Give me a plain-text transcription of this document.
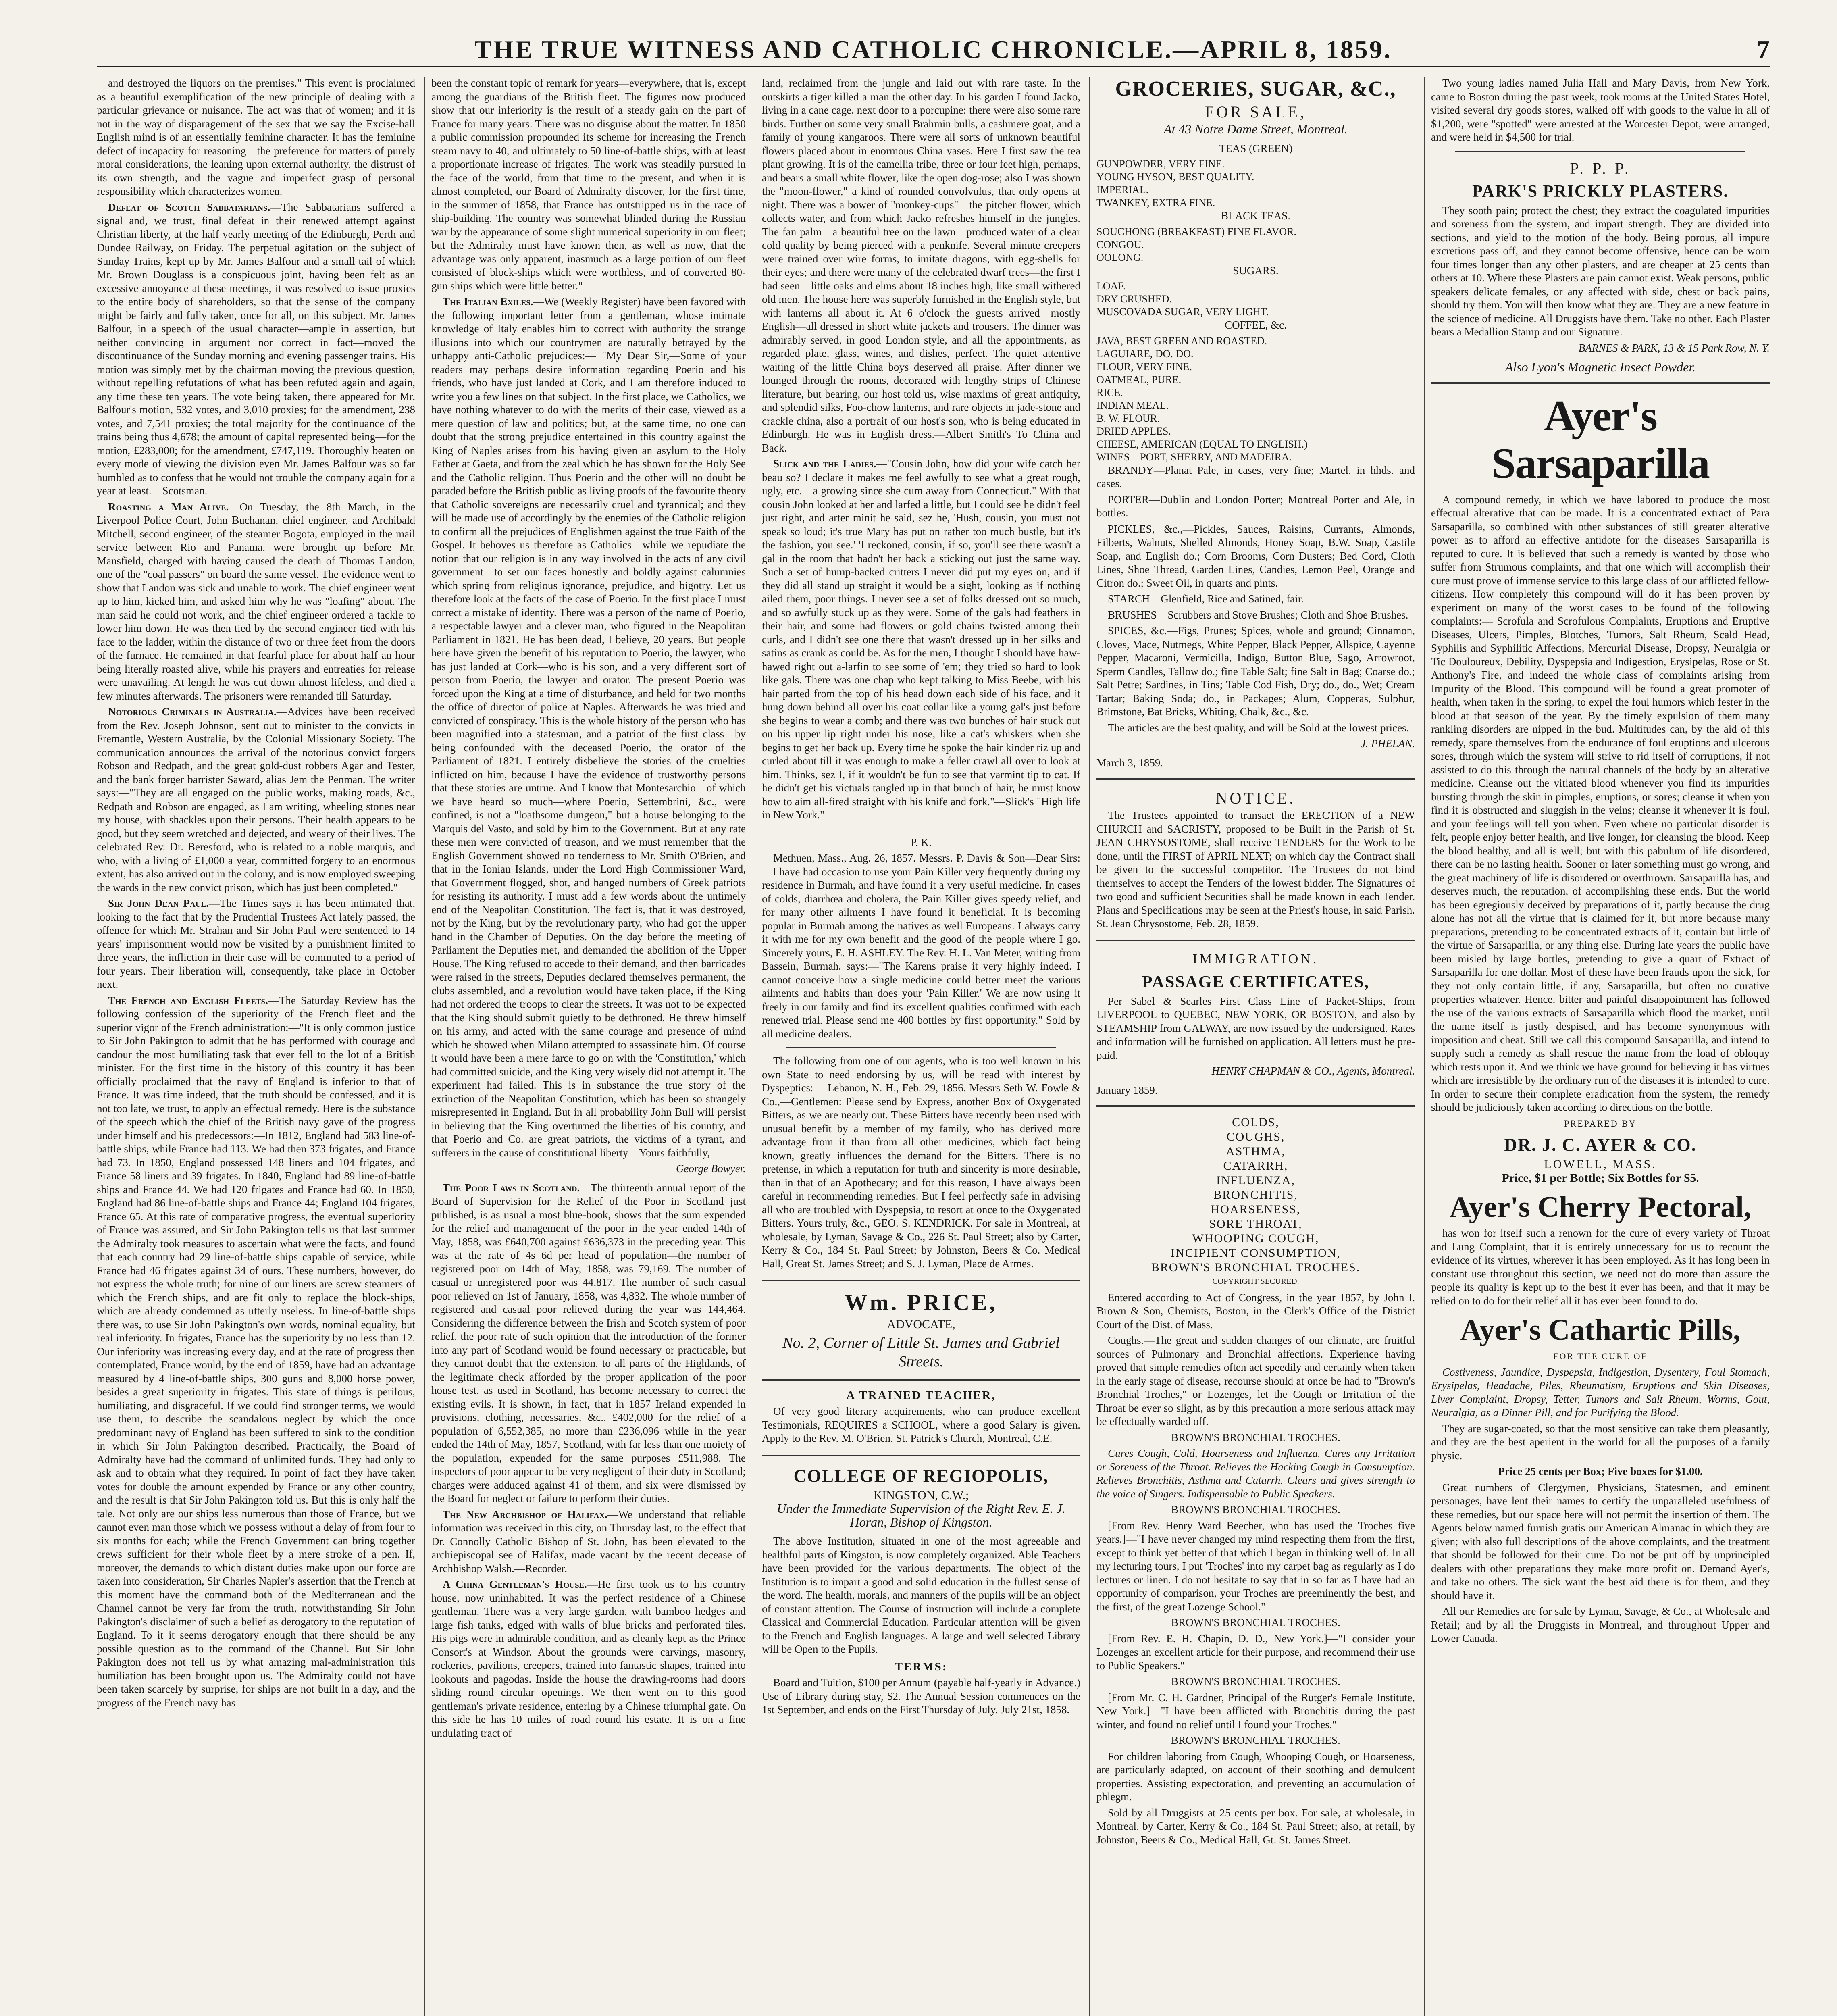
THE TRUE WITNESS AND CATHOLIC CHRONICLE.—APRIL 8, 1859.	7

and destroyed the liquors on the premises." This event is proclaimed as a beautiful exemplification of the new principle of dealing with a particular grievance or nuisance. The act was that of women; and it is not in the way of disparagement of the sex that we say the Excise-hall English mind is of an essentially feminine character. It has the feminine defect of incapacity for reasoning—the preference for matters of purely moral considerations, the leaning upon external authority, the distrust of its own strength, and the vague and imperfect grasp of personal responsibility which characterizes women.

Defeat of Scotch Sabbatarians.—The Sabbatarians suffered a signal and, we trust, final defeat in their renewed attempt against Christian liberty, at the half yearly meeting of the Edinburgh, Perth and Dundee Railway, on Friday. The perpetual agitation on the subject of Sunday Trains, kept up by Mr. James Balfour and a small tail of which Mr. Brown Douglass is a conspicuous joint, having been felt as an excessive annoyance at these meetings, it was resolved to issue proxies to the entire body of shareholders, so that the sense of the company might be fairly and fully taken, once for all, on this subject. Mr. James Balfour, in a speech of the usual character—ample in assertion, but neither convincing in argument nor correct in fact—moved the discontinuance of the Sunday morning and evening passenger trains. His motion was simply met by the chairman moving the previous question, without repelling refutations of what has been refuted again and again, any time these ten years. The vote being taken, there appeared for Mr. Balfour's motion, 532 votes, and 3,010 proxies; for the amendment, 238 votes, and 7,541 proxies; the total majority for the continuance of the trains being thus 4,678; the amount of capital represented being—for the motion, £283,000; for the amendment, £747,119. Thoroughly beaten on every mode of viewing the division even Mr. James Balfour was so far humbled as to confess that he would not trouble the company again for a year at least.—Scotsman.

Roasting a Man Alive.—On Tuesday, the 8th March, in the Liverpool Police Court, John Buchanan, chief engineer, and Archibald Mitchell, second engineer, of the steamer Bogota, employed in the mail service between Rio and Panama, were brought up before Mr. Mansfield, charged with having caused the death of Thomas Landon, one of the "coal passers" on board the same vessel. The evidence went to show that Landon was sick and unable to work. The chief engineer went up to him, kicked him, and asked him why he was "loafing" about. The man said he could not work, and the chief engineer ordered a tackle to lower him down. He was then tied by the second engineer tied with his face to the ladder, within the distance of two or three feet from the doors of the furnace. He remained in that fearful place for about half an hour being literally roasted alive, while his prayers and entreaties for release were unavailing. At length he was cut down almost lifeless, and died a few minutes afterwards. The prisoners were remanded till Saturday.

Notorious Criminals in Australia.—Advices have been received from the Rev. Joseph Johnson, sent out to minister to the convicts in Fremantle, Western Australia, by the Colonial Missionary Society. The communication announces the arrival of the notorious convict forgers Robson and Redpath, and the great gold-dust robbers Agar and Tester, and the bank forger barrister Saward, alias Jem the Penman. The writer says:—"They are all engaged on the public works, making roads, &c., Redpath and Robson are engaged, as I am writing, wheeling stones near my house, with shackles upon their persons. Their health appears to be good, but they seem wretched and dejected, and weary of their lives. The celebrated Rev. Dr. Beresford, who is related to a noble marquis, and who, with a living of £1,000 a year, committed forgery to an enormous extent, has also arrived out in the colony, and is now employed sweeping the wards in the new convict prison, which has just been completed."

Sir John Dean Paul.—The Times says it has been intimated that, looking to the fact that by the Prudential Trustees Act lately passed, the offence for which Mr. Strahan and Sir John Paul were sentenced to 14 years' imprisonment would now be visited by a punishment limited to three years, the infliction in their case will be commuted to a period of four years. Their liberation will, consequently, take place in October next.

The French and English Fleets.—The Saturday Review has the following confession of the superiority of the French fleet and the superior vigor of the French administration:—"It is only common justice to Sir John Pakington to admit that he has performed with courage and candour the most humiliating task that ever fell to the lot of a British minister. For the first time in the history of this country it has been officially proclaimed that the navy of England is inferior to that of France. It was time indeed, that the truth should be confessed, and it is not too late, we trust, to apply an effectual remedy. Here is the substance of the speech which the chief of the British navy gave of the progress under himself and his predecessors:—In 1812, England had 583 line-of-battle ships, while France had 113. We had then 373 frigates, and France had 73. In 1850, England possessed 148 liners and 104 frigates, and France 58 liners and 39 frigates. In 1840, England had 89 line-of-battle ships and France 44. We had 120 frigates and France had 60. In 1850, England had 86 line-of-battle ships and France 44; England 104 frigates, France 65. At this rate of comparative progress, the eventual superiority of France was assured, and Sir John Pakington tells us that last summer the Admiralty took measures to ascertain what were the facts, and found that each country had 29 line-of-battle ships capable of service, while France had 46 frigates against 34 of ours. These numbers, however, do not express the whole truth; for nine of our liners are screw steamers of which the French ships, and are fit only to replace the block-ships, which are already condemned as utterly useless. In line-of-battle ships there was, to use Sir John Pakington's own words, nominal equality, but real inferiority. In frigates, France has the superiority by no less than 12. Our inferiority was increasing every day, and at the rate of progress then contemplated, France would, by the end of 1859, have had an advantage measured by 4 line-of-battle ships, 300 guns and 8,000 horse power, besides a great superiority in frigates. This state of things is perilous, humiliating, and disgraceful. If we could find stronger terms, we would use them, to describe the scandalous neglect by which the once predominant navy of England has been suffered to sink to the condition in which Sir John Pakington described. Practically, the Board of Admiralty have had the command of unlimited funds. They had only to ask and to obtain what they required. In point of fact they have taken votes for double the amount expended by France or any other country, and the result is that Sir John Pakington told us. But this is only half the tale. Not only are our ships less numerous than those of France, but we cannot even man those which we possess without a delay of from four to six months for each; while the French Government can bring together crews sufficient for their whole fleet by a mere stroke of a pen. If, moreover, the demands to which distant duties make upon our force are taken into consideration, Sir Charles Napier's assertion that the French at this moment have the command both of the Mediterranean and the Channel cannot be very far from the truth, notwithstanding Sir John Pakington's disclaimer of such a belief as derogatory to the reputation of England. To it it seems derogatory enough that there should be any possible question as to the command of the Channel. But Sir John Pakington does not tell us by what amazing mal-administration this humiliation has been brought upon us. The Admiralty could not have been taken scarcely by surprise, for ships are not built in a day, and the progress of the French navy has

been the constant topic of remark for years—everywhere, that is, except among the guardians of the British fleet. The figures now produced show that our inferiority is the result of a steady gain on the part of France for many years. There was no disguise about the matter. In 1850 a public commission propounded its scheme for increasing the French steam navy to 40, and ultimately to 50 line-of-battle ships, with at least a proportionate increase of frigates. The work was steadily pursued in the face of the world, from that time to the present, and when it is almost completed, our Board of Admiralty discover, for the first time, in the summer of 1858, that France has outstripped us in the race of ship-building. The country was somewhat blinded during the Russian war by the appearance of some slight numerical superiority in our fleet; but the Admiralty must have known then, as well as now, that the advantage was only apparent, inasmuch as a large portion of our fleet consisted of block-ships which were worthless, and of converted 80-gun ships which were little better."

The Italian Exiles.—We (Weekly Register) have been favored with the following important letter from a gentleman, whose intimate knowledge of Italy enables him to correct with authority the strange illusions into which our countrymen are naturally betrayed by the unhappy anti-Catholic prejudices:— "My Dear Sir,—Some of your readers may perhaps desire information regarding Poerio and his friends, who have just landed at Cork, and I am therefore induced to write you a few lines on that subject. In the first place, we Catholics, we have nothing whatever to do with the merits of their case, viewed as a mere question of law and politics; but, at the same time, no one can doubt that the strong prejudice entertained in this country against the King of Naples arises from his having given an asylum to the Holy Father at Gaeta, and from the zeal which he has shown for the Holy See and the Catholic religion. Thus Poerio and the other will no doubt be paraded before the British public as living proofs of the favourite theory that Catholic sovereigns are necessarily cruel and tyrannical; and they will be made use of accordingly by the enemies of the Catholic religion to confirm all the prejudices of Englishmen against the true Faith of the Gospel. It behoves us therefore as Catholics—while we repudiate the notion that our religion is in any way involved in the acts of any civil government—to set our faces honestly and boldly against calumnies which spring from religious ignorance, prejudice, and bigotry. Let us therefore look at the facts of the case of Poerio. In the first place I must correct a mistake of identity. There was a person of the name of Poerio, a respectable lawyer and a clever man, who figured in the Neapolitan Parliament in 1821. He has been dead, I believe, 20 years. But people here have given the benefit of his reputation to Poerio, the lawyer, who has just landed at Cork—who is his son, and a very different sort of person from Poerio, the lawyer and orator. The present Poerio was forced upon the King at a time of disturbance, and held for two months the office of director of police at Naples. Afterwards he was tried and convicted of conspiracy. This is the whole history of the person who has been magnified into a statesman, and a patriot of the first class—by being confounded with the deceased Poerio, the orator of the Parliament of 1821. I entirely disbelieve the stories of the cruelties inflicted on him, because I have the evidence of trustworthy persons that these stories are untrue. And I know that Montesarchio—of which we have heard so much—where Poerio, Settembrini, &c., were confined, is not a "loathsome dungeon," but a house belonging to the Marquis del Vasto, and sold by him to the Government. But at any rate these men were convicted of treason, and we must remember that the English Government showed no tenderness to Mr. Smith O'Brien, and that in the Ionian Islands, under the Lord High Commissioner Ward, that Government flogged, shot, and hanged numbers of Greek patriots for resisting its authority. I must add a few words about the untimely end of the Neapolitan Constitution. The fact is, that it was destroyed, not by the King, but by the revolutionary party, who had got the upper hand in the Chamber of Deputies. On the day before the meeting of Parliament the Deputies met, and demanded the abolition of the Upper House. The King refused to accede to their demand, and then barricades were raised in the streets, Deputies declared themselves permanent, the clubs assembled, and a revolution would have taken place, if the King had not ordered the troops to clear the streets. It was not to be expected that the King should submit quietly to be dethroned. He threw himself on his army, and acted with the same courage and presence of mind which he showed when Milano attempted to assassinate him. Of course it would have been a mere farce to go on with the 'Constitution,' which had committed suicide, and the King very wisely did not attempt it. The experiment had failed. This is in substance the true story of the extinction of the Neapolitan Constitution, which has been so strangely misrepresented in England. But in all probability John Bull will persist in believing that the King overturned the liberties of his country, and that Poerio and Co. are great patriots, the victims of a tyrant, and sufferers in the cause of constitutional liberty—Yours faithfully,

George Bowyer.

The Poor Laws in Scotland.—The thirteenth annual report of the Board of Supervision for the Relief of the Poor in Scotland just published, is as usual a most blue-book, shows that the sum expended for the relief and management of the poor in the year ended 14th of May, 1858, was £640,700 against £636,373 in the preceding year. This was at the rate of 4s 6d per head of population—the number of registered poor on 14th of May, 1858, was 79,169. The number of casual or unregistered poor was 44,817. The number of such casual poor relieved on 1st of January, 1858, was 4,832. The whole number of registered and casual poor relieved during the year was 144,464. Considering the difference between the Irish and Scotch system of poor relief, the poor rate of such opinion that the introduction of the former into any part of Scotland would be found necessary or practicable, but they cannot doubt that the extension, to all parts of the Highlands, of the legitimate check afforded by the proper application of the poor house test, as used in Scotland, has become necessary to correct the existing evils. It is shown, in fact, that in 1857 Ireland expended in provisions, clothing, necessaries, &c., £402,000 for the relief of a population of 6,552,385, no more than £236,096 while in the year ended the 14th of May, 1857, Scotland, with far less than one moiety of the population, expended for the same purposes £511,988. The inspectors of poor appear to be very negligent of their duty in Scotland; charges were adduced against 41 of them, and six were dismissed by the Board for neglect or failure to perform their duties.

The New Archbishop of Halifax.—We understand that reliable information was received in this city, on Thursday last, to the effect that Dr. Connolly Catholic Bishop of St. John, has been elevated to the archiepiscopal see of Halifax, made vacant by the recent decease of Archbishop Walsh.—Recorder.

A China Gentleman's House.—He first took us to his country house, now uninhabited. It was the perfect residence of a Chinese gentleman. There was a very large garden, with bamboo hedges and large fish tanks, edged with walls of blue bricks and perforated tiles. His pigs were in admirable condition, and as cleanly kept as the Prince Consort's at Windsor. About the grounds were carvings, masonry, rockeries, pavilions, creepers, trained into fantastic shapes, trained into lookouts and pagodas. Inside the house the drawing-rooms had doors sliding round circular openings. We then went on to this good gentleman's private residence, entering by a Chinese triumphal gate. On this side he has 10 miles of road round his estate. It is on a fine undulating tract of

land, reclaimed from the jungle and laid out with rare taste. In the outskirts a tiger killed a man the other day. In his garden I found Jacko, living in a cane cage, next door to a porcupine; there were also some rare birds. Further on some very small Brahmin bulls, a cashmere goat, and a family of young kangaroos. There were all sorts of unknown beautiful flowers placed about in enormous China vases. Here I first saw the tea plant growing. It is of the camellia tribe, three or four feet high, perhaps, and bears a small white flower, like the open dog-rose; also I was shown the "moon-flower," a kind of rounded convolvulus, that only opens at night. There was a bower of "monkey-cups"—the pitcher flower, which collects water, and from which Jacko refreshes himself in the jungles. The fan palm—a beautiful tree on the lawn—produced water of a clear cold quality by being pierced with a penknife. Several minute creepers were trained over wire forms, to imitate dragons, with egg-shells for their eyes; and there were many of the celebrated dwarf trees—the first I had seen—little oaks and elms about 18 inches high, like small withered old men. The house here was superbly furnished in the English style, but with lanterns all about it. At 6 o'clock the guests arrived—mostly English—all dressed in short white jackets and trousers. The dinner was admirably served, in good London style, and all the appointments, as regarded plate, glass, wines, and dishes, perfect. The quiet attentive waiting of the little China boys deserved all praise. After dinner we lounged through the rooms, decorated with lengthy strips of Chinese literature, but bearing, our host told us, wise maxims of great antiquity, and splendid silks, Foo-chow lanterns, and rare objects in jade-stone and crackle china, also a portrait of our host's son, who is being educated in Edinburgh. He was in English dress.—Albert Smith's To China and Back.

Slick and the Ladies.—"Cousin John, how did your wife catch her beau so? I declare it makes me feel awfully to see what a great rough, ugly, etc.—a growing since she cum away from Connecticut." With that cousin John looked at her and larfed a little, but I could see he didn't feel just right, and arter minit he said, sez he, 'Hush, cousin, you must not speak so loud; it's true Mary has put on rather too much bustle, but it's the fashion, you see.' 'I reckoned, cousin, if so, you'll see there wasn't a gal in the room that hadn't her back a sticking out just the same way. Such a set of hump-backed critters I never did put my eyes on, and if they did all stand up straight it would be a sight, looking as if nothing ailed them, poor things. I never see a set of folks dressed out so much, and so awfully stuck up as they were. Some of the gals had feathers in their hair, and some had flowers or gold chains twisted among their curls, and I didn't see one there that wasn't dressed up in her silks and satins as crank as could be. As for the men, I thought I should have haw-hawed right out a-larfin to see some of 'em; they tried so hard to look like gals. There was one chap who kept talking to Miss Beebe, with his hair parted from the top of his head down each side of his face, and it hung down behind all over his coat collar like a young gal's just before she begins to wear a comb; and there was two bunches of hair stuck out on his upper lip right under his nose, like a cat's whiskers when she begins to get her back up. Every time he spoke the hair kinder riz up and curled about till it was enough to make a feller crawl all over to look at him. Thinks, sez I, if it wouldn't be fun to see that varmint tip to cat. If he didn't get his victuals tangled up in that bunch of hair, he must know how to aim all-fired straight with his knife and fork."—Slick's "High life in New York."

P. K.

Methuen, Mass., Aug. 26, 1857. Messrs. P. Davis & Son—Dear Sirs:—I have had occasion to use your Pain Killer very frequently during my residence in Burmah, and have found it a very useful medicine. In cases of colds, diarrhœa and cholera, the Pain Killer gives speedy relief, and for many other ailments I have found it beneficial. It is becoming popular in Burmah among the natives as well Europeans. I always carry it with me for my own benefit and the good of the people where I go. Sincerely yours, E. H. ASHLEY. The Rev. H. L. Van Meter, writing from Bassein, Burmah, says:—"The Karens praise it very highly indeed. I cannot conceive how a single medicine could better meet the various ailments and habits than does your 'Pain Killer.' We are now using it freely in our family and find its excellent qualities confirmed with each renewed trial. Please send me 400 bottles by first opportunity." Sold by all medicine dealers.

The following from one of our agents, who is too well known in his own State to need endorsing by us, will be read with interest by Dyspeptics:— Lebanon, N. H., Feb. 29, 1856. Messrs Seth W. Fowle & Co.,—Gentlemen: Please send by Express, another Box of Oxygenated Bitters, as we are nearly out. These Bitters have recently been used with unusual benefit by a member of my family, who has derived more advantage from it than from all other medicines, which fact being known, greatly influences the demand for the Bitters. There is no pretense, in which a reputation for truth and sincerity is more desirable, than in that of an Apothecary; and for this reason, I have always been careful in recommending remedies. But I feel perfectly safe in advising all who are troubled with Dyspepsia, to resort at once to the Oxygenated Bitters. Yours truly, &c., GEO. S. KENDRICK. For sale in Montreal, at wholesale, by Lyman, Savage & Co., 226 St. Paul Street; also by Carter, Kerry & Co., 184 St. Paul Street; by Johnston, Beers & Co. Medical Hall, Great St. James Street; and S. J. Lyman, Place de Armes.

Wm. PRICE,
ADVOCATE,
No. 2, Corner of Little St. James and Gabriel Streets.

A TRAINED TEACHER,

Of very good literary acquirements, who can produce excellent Testimonials, REQUIRES a SCHOOL, where a good Salary is given. Apply to the Rev. M. O'Brien, St. Patrick's Church, Montreal, C.E.

COLLEGE OF REGIOPOLIS,
KINGSTON, C.W.;
Under the Immediate Supervision of the Right Rev. E. J. Horan, Bishop of Kingston.

The above Institution, situated in one of the most agreeable and healthful parts of Kingston, is now completely organized. Able Teachers have been provided for the various departments. The object of the Institution is to impart a good and solid education in the fullest sense of the word. The health, morals, and manners of the pupils will be an object of constant attention. The Course of instruction will include a complete Classical and Commercial Education. Particular attention will be given to the French and English languages. A large and well selected Library will be Open to the Pupils.

TERMS:

Board and Tuition, $100 per Annum (payable half-yearly in Advance.) Use of Library during stay, $2. The Annual Session commences on the 1st September, and ends on the First Thursday of July. July 21st, 1858.

GROCERIES, SUGAR, &C.,
FOR SALE,
At 43 Notre Dame Street, Montreal.

TEAS (GREEN)

GUNPOWDER, VERY FINE.
YOUNG HYSON, BEST QUALITY.
IMPERIAL.
TWANKEY, EXTRA FINE.

BLACK TEAS.

SOUCHONG (BREAKFAST) FINE FLAVOR.
CONGOU.
OOLONG.

SUGARS.

LOAF.
DRY CRUSHED.
MUSCOVADA SUGAR, VERY LIGHT.

COFFEE, &c.

JAVA, BEST GREEN AND ROASTED.
LAGUIARE, DO. DO.
FLOUR, VERY FINE.
OATMEAL, PURE.
RICE.
INDIAN MEAL.
B. W. FLOUR.
DRIED APPLES.
CHEESE, AMERICAN (EQUAL TO ENGLISH.)
WINES—PORT, SHERRY, AND MADEIRA.

BRANDY—Planat Pale, in cases, very fine; Martel, in hhds. and cases.

PORTER—Dublin and London Porter; Montreal Porter and Ale, in bottles.

PICKLES, &c.,—Pickles, Sauces, Raisins, Currants, Almonds, Filberts, Walnuts, Shelled Almonds, Honey Soap, B.W. Soap, Castile Soap, and English do.; Corn Brooms, Corn Dusters; Bed Cord, Cloth Lines, Shoe Thread, Garden Lines, Candies, Lemon Peel, Orange and Citron do.; Sweet Oil, in quarts and pints.

STARCH—Glenfield, Rice and Satined, fair.

BRUSHES—Scrubbers and Stove Brushes; Cloth and Shoe Brushes.

SPICES, &c.—Figs, Prunes; Spices, whole and ground; Cinnamon, Cloves, Mace, Nutmegs, White Pepper, Black Pepper, Allspice, Cayenne Pepper, Macaroni, Vermicilla, Indigo, Button Blue, Sago, Arrowroot, Sperm Candles, Tallow do.; fine Table Salt; fine Salt in Bag; Coarse do.; Salt Petre; Sardines, in Tins; Table Cod Fish, Dry; do., do., Wet; Cream Tartar; Baking Soda; do., in Packages; Alum, Copperas, Sulphur, Brimstone, Bat Bricks, Whiting, Chalk, &c., &c.

The articles are the best quality, and will be Sold at the lowest prices.

J. PHELAN.

March 3, 1859.

NOTICE.

The Trustees appointed to transact the ERECTION of a NEW CHURCH and SACRISTY, proposed to be Built in the Parish of St. JEAN CHRYSOSTOME, shall receive TENDERS for the Work to be done, until the FIRST of APRIL NEXT; on which day the Contract shall be given to the successful competitor. The Trustees do not bind themselves to accept the Tenders of the lowest bidder. The Signatures of two good and sufficient Securities shall be made known in each Tender. Plans and Specifications may be seen at the Priest's house, in said Parish. St. Jean Chrysostome, Feb. 28, 1859.

IMMIGRATION.
PASSAGE CERTIFICATES,

Per Sabel & Searles First Class Line of Packet-Ships, from LIVERPOOL to QUEBEC, NEW YORK, OR BOSTON, and also by STEAMSHIP from GALWAY, are now issued by the undersigned. Rates and information will be furnished on application. All letters must be pre-paid.

HENRY CHAPMAN & CO., Agents, Montreal.

January 1859.

COLDS,
COUGHS,
ASTHMA,
CATARRH,
INFLUENZA,
BRONCHITIS,
HOARSENESS,
SORE THROAT,
WHOOPING COUGH,
INCIPIENT CONSUMPTION,
BROWN'S BRONCHIAL TROCHES.

COPYRIGHT SECURED.

Entered according to Act of Congress, in the year 1857, by John I. Brown & Son, Chemists, Boston, in the Clerk's Office of the District Court of the Dist. of Mass.

Coughs.—The great and sudden changes of our climate, are fruitful sources of Pulmonary and Bronchial affections. Experience having proved that simple remedies often act speedily and certainly when taken in the early stage of disease, recourse should at once be had to "Brown's Bronchial Troches," or Lozenges, let the Cough or Irritation of the Throat be ever so slight, as by this precaution a more serious attack may be effectually warded off.

BROWN'S BRONCHIAL TROCHES.

Cures Cough, Cold, Hoarseness and Influenza. Cures any Irritation or Soreness of the Throat. Relieves the Hacking Cough in Consumption. Relieves Bronchitis, Asthma and Catarrh. Clears and gives strength to the voice of Singers. Indispensable to Public Speakers.

BROWN'S BRONCHIAL TROCHES.

[From Rev. Henry Ward Beecher, who has used the Troches five years.]—"I have never changed my mind respecting them from the first, except to think yet better of that which I began in thinking well of. In all my lecturing tours, I put 'Troches' into my carpet bag as regularly as I do lectures or linen. I do not hesitate to say that in so far as I have had an opportunity of comparison, your Troches are preeminently the best, and the first, of the great Lozenge School."

BROWN'S BRONCHIAL TROCHES.

[From Rev. E. H. Chapin, D. D., New York.]—"I consider your Lozenges an excellent article for their purpose, and recommend their use to Public Speakers."

BROWN'S BRONCHIAL TROCHES.

[From Mr. C. H. Gardner, Principal of the Rutger's Female Institute, New York.]—"I have been afflicted with Bronchitis during the past winter, and found no relief until I found your Troches."

BROWN'S BRONCHIAL TROCHES.

For children laboring from Cough, Whooping Cough, or Hoarseness, are particularly adapted, on account of their soothing and demulcent properties. Assisting expectoration, and preventing an accumulation of phlegm.

Sold by all Druggists at 25 cents per box. For sale, at wholesale, in Montreal, by Carter, Kerry & Co., 184 St. Paul Street; also, at retail, by Johnston, Beers & Co., Medical Hall, Gt. St. James Street.

Two young ladies named Julia Hall and Mary Davis, from New York, came to Boston during the past week, took rooms at the United States Hotel, visited several dry goods stores, walked off with goods to the value in all of $1,200, were "spotted" were arrested at the Worcester Depot, were arranged, and were held in $4,500 for trial.

P. P. P.
PARK'S PRICKLY PLASTERS.

They sooth pain; protect the chest; they extract the coagulated impurities and soreness from the system, and impart strength. They are divided into sections, and yield to the motion of the body. Being porous, all impure excretions pass off, and they cannot become offensive, hence can be worn four times longer than any other plasters, and are cheaper at 25 cents than others at 10. Where these Plasters are pain cannot exist. Weak persons, public speakers delicate females, or any affected with side, chest or back pains, should try them. You will then know what they are. They are a new feature in the science of medicine. All Druggists have them. Take no other. Each Plaster bears a Medallion Stamp and our Signature.

BARNES & PARK, 13 & 15 Park Row, N. Y.

Also Lyon's Magnetic Insect Powder.

Ayer's Sarsaparilla

A compound remedy, in which we have labored to produce the most effectual alterative that can be made. It is a concentrated extract of Para Sarsaparilla, so combined with other substances of still greater alterative power as to afford an effective antidote for the diseases Sarsaparilla is reputed to cure. It is believed that such a remedy is wanted by those who suffer from Strumous complaints, and that one which will accomplish their cure must prove of immense service to this large class of our afflicted fellow-citizens. How completely this compound will do it has been proven by experiment on many of the worst cases to be found of the following complaints:— Scrofula and Scrofulous Complaints, Eruptions and Eruptive Diseases, Ulcers, Pimples, Blotches, Tumors, Salt Rheum, Scald Head, Syphilis and Syphilitic Affections, Mercurial Disease, Dropsy, Neuralgia or Tic Douloureux, Debility, Dyspepsia and Indigestion, Erysipelas, Rose or St. Anthony's Fire, and indeed the whole class of complaints arising from Impurity of the Blood. This compound will be found a great promoter of health, when taken in the spring, to expel the foul humors which fester in the blood at that season of the year. By the timely expulsion of them many rankling disorders are nipped in the bud. Multitudes can, by the aid of this remedy, spare themselves from the endurance of foul eruptions and ulcerous sores, through which the system will strive to rid itself of corruptions, if not assisted to do this through the natural channels of the body by an alterative medicine. Cleanse out the vitiated blood whenever you find its impurities bursting through the skin in pimples, eruptions, or sores; cleanse it when you find it is obstructed and sluggish in the veins; cleanse it whenever it is foul, and your feelings will tell you when. Even where no particular disorder is felt, people enjoy better health, and live longer, for cleansing the blood. Keep the blood healthy, and all is well; but with this pabulum of life disordered, there can be no lasting health. Sooner or later something must go wrong, and the great machinery of life is disordered or overthrown. Sarsaparilla has, and deserves much, the reputation, of accomplishing these ends. But the world has been egregiously deceived by preparations of it, partly because the drug alone has not all the virtue that is claimed for it, but more because many preparations, pretending to be concentrated extracts of it, contain but little of the virtue of Sarsaparilla, or any thing else. During late years the public have been misled by large bottles, pretending to give a quart of Extract of Sarsaparilla for one dollar. Most of these have been frauds upon the sick, for they not only contain little, if any, Sarsaparilla, but often no curative properties whatever. Hence, bitter and painful disappointment has followed the use of the various extracts of Sarsaparilla which flood the market, until the name itself is justly despised, and has become synonymous with imposition and cheat. Still we call this compound Sarsaparilla, and intend to supply such a remedy as shall rescue the name from the load of obloquy which rests upon it. And we think we have ground for believing it has virtues which are irresistible by the ordinary run of the diseases it is intended to cure. In order to secure their complete eradication from the system, the remedy should be judiciously taken according to directions on the bottle.

PREPARED BY

DR. J. C. AYER & CO.
LOWELL, MASS.
Price, $1 per Bottle; Six Bottles for $5.
Ayer's Cherry Pectoral,

has won for itself such a renown for the cure of every variety of Throat and Lung Complaint, that it is entirely unnecessary for us to recount the evidence of its virtues, wherever it has been employed. As it has long been in constant use throughout this section, we need not do more than assure the people its quality is kept up to the best it ever has been, and that it may be relied on to do for their relief all it has ever been found to do.

Ayer's Cathartic Pills,

FOR THE CURE OF

Costiveness, Jaundice, Dyspepsia, Indigestion, Dysentery, Foul Stomach, Erysipelas, Headache, Piles, Rheumatism, Eruptions and Skin Diseases, Liver Complaint, Dropsy, Tetter, Tumors and Salt Rheum, Worms, Gout, Neuralgia, as a Dinner Pill, and for Purifying the Blood.

They are sugar-coated, so that the most sensitive can take them pleasantly, and they are the best aperient in the world for all the purposes of a family physic.

Price 25 cents per Box; Five boxes for $1.00.

Great numbers of Clergymen, Physicians, Statesmen, and eminent personages, have lent their names to certify the unparalleled usefulness of these remedies, but our space here will not permit the insertion of them. The Agents below named furnish gratis our American Almanac in which they are given; with also full descriptions of the above complaints, and the treatment that should be followed for their cure. Do not be put off by unprincipled dealers with other preparations they make more profit on. Demand Ayer's, and take no others. The sick want the best aid there is for them, and they should have it.

All our Remedies are for sale by Lyman, Savage, & Co., at Wholesale and Retail; and by all the Druggists in Montreal, and throughout Upper and Lower Canada.
